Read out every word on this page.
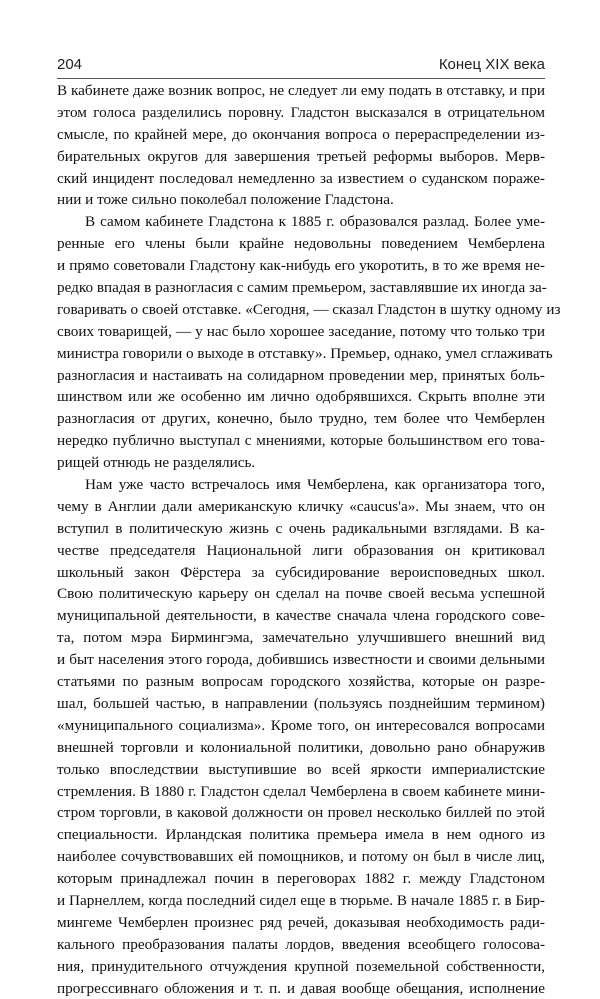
204	Конец XIX века
В кабинете даже возник вопрос, не следует ли ему подать в отставку, и при
этом голоса разделились поровну. Гладстон высказался в отрицательном
смысле, по крайней мере, до окончания вопроса о перераспределении из-
бирательных округов для завершения третьей реформы выборов. Мерв-
ский инцидент последовал немедленно за известием о суданском пораже-
нии и тоже сильно поколебал положение Гладстона.
В самом кабинете Гладстона к 1885 г. образовался разлад. Более уме-
ренные его члены были крайне недовольны поведением Чемберлена
и прямо советовали Гладстону как-нибудь его укоротить, в то же время не-
редко впадая в разногласия с самим премьером, заставлявшие их иногда за-
говаривать о своей отставке. «Сегодня, — сказал Гладстон в шутку одному из
своих товарищей, — у нас было хорошее заседание, потому что только три
министра говорили о выходе в отставку». Премьер, однако, умел сглаживать
разногласия и настаивать на солидарном проведении мер, принятых боль-
шинством или же особенно им лично одобрявшихся. Скрыть вполне эти
разногласия от других, конечно, было трудно, тем более что Чемберлен
нередко публично выступал с мнениями, которые большинством его това-
рищей отнюдь не разделялись.
Нам уже часто встречалось имя Чемберлена, как организатора того,
чему в Англии дали американскую кличку «caucus'a». Мы знаем, что он
вступил в политическую жизнь с очень радикальными взглядами. В ка-
честве председателя Национальной лиги образования он критиковал
школьный закон Фёрстера за субсидирование вероисповедных школ.
Свою политическую карьеру он сделал на почве своей весьма успешной
муниципальной деятельности, в качестве сначала члена городского сове-
та, потом мэра Бирмингэма, замечательно улучшившего внешний вид
и быт населения этого города, добившись известности и своими дельными
статьями по разным вопросам городского хозяйства, которые он разре-
шал, большей частью, в направлении (пользуясь позднейшим термином)
«муниципального социализма». Кроме того, он интересовался вопросами
внешней торговли и колониальной политики, довольно рано обнаружив
только впоследствии выступившие во всей яркости империалистские
стремления. В 1880 г. Гладстон сделал Чемберлена в своем кабинете мини-
стром торговли, в каковой должности он провел несколько биллей по этой
специальности. Ирландская политика премьера имела в нем одного из
наиболее сочувствовавших ей помощников, и потому он был в числе лиц,
которым принадлежал почин в переговорах 1882 г. между Гладстоном
и Парнеллем, когда последний сидел еще в тюрьме. В начале 1885 г. в Бир-
мингеме Чемберлен произнес ряд речей, доказывая необходимость ради-
кального преобразования палаты лордов, введения всеобщего голосова-
ния, принудительного отчуждения крупной поземельной собственности,
прогрессивнаго обложения и т. п. и давая вообще обещания, исполнение
